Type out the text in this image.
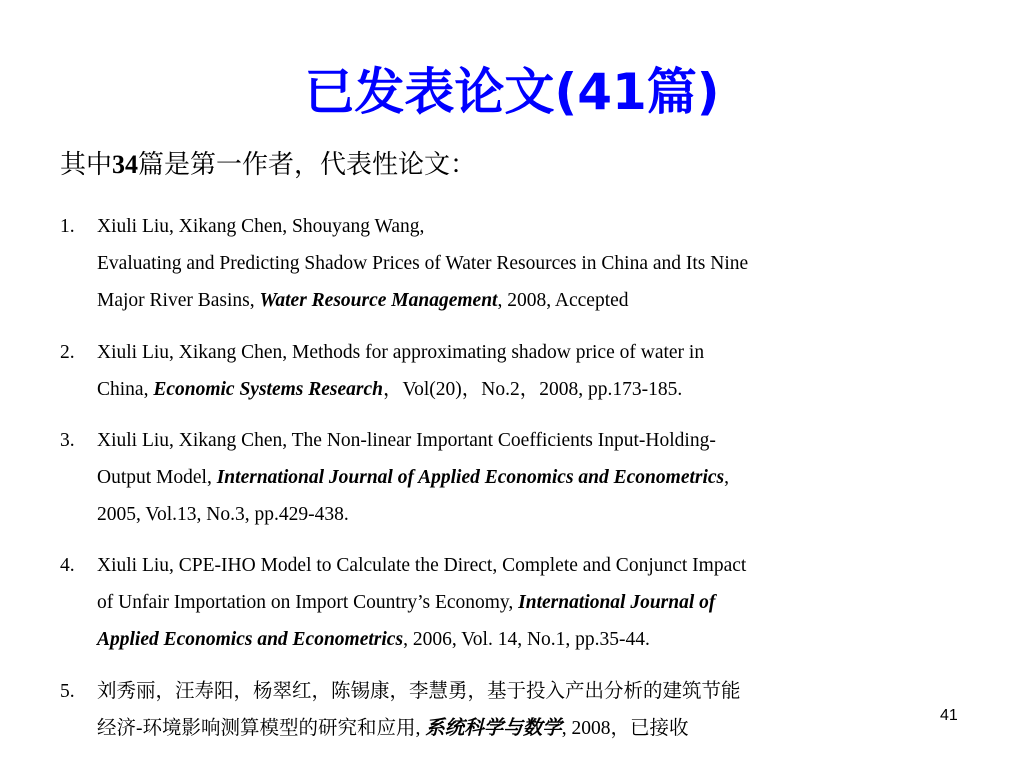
已发表论文(41篇)
其中34篇是第一作者，代表性论文：
1. Xiuli Liu, Xikang Chen, Shouyang Wang,
Evaluating and Predicting Shadow Prices of Water Resources in China and Its Nine
Major River Basins, Water Resource Management, 2008, Accepted
2. Xiuli Liu, Xikang Chen, Methods for approximating shadow price of water in
China, Economic Systems Research，Vol(20)，No.2，2008, pp.173-185.
3. Xiuli Liu, Xikang Chen, The Non-linear Important Coefficients Input-Holding-
Output Model, International Journal of Applied Economics and Econometrics,
2005, Vol.13, No.3, pp.429-438.
4. Xiuli Liu, CPE-IHO Model to Calculate the Direct, Complete and Conjunct Impact
of Unfair Importation on Import Country’s Economy, International Journal of
Applied Economics and Econometrics, 2006, Vol. 14, No.1, pp.35-44.
5. 刘秀丽，汪寿阳，杨翠红，陈锡康，李慧勇，基于投入产出分析的建筑节能
经济-环境影响测算模型的研究和应用, 系统科学与数学, 2008，已接收
41
